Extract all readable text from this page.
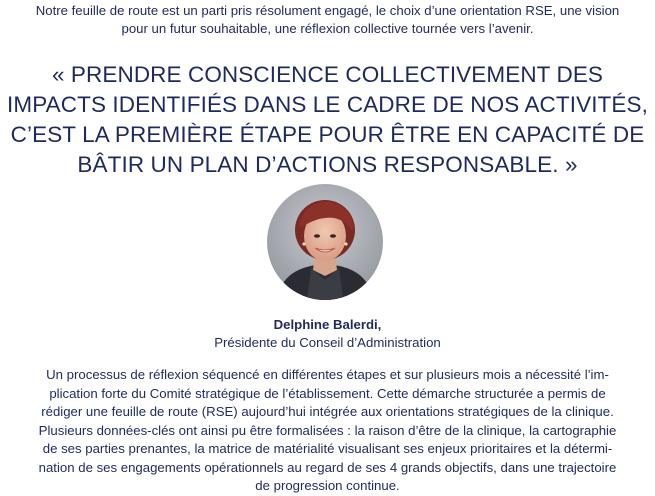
Notre feuille de route est un parti pris résolument engagé, le choix d’une orientation RSE, une vision
pour un futur souhaitable, une réflexion collective tournée vers l’avenir.
« PRENDRE CONSCIENCE COLLECTIVEMENT DES
IMPACTS IDENTIFIÉS DANS LE CADRE DE NOS ACTIVITÉS,
C’EST LA PREMIÈRE ÉTAPE POUR ÊTRE EN CAPACITÉ DE
BÂTIR UN PLAN D’ACTIONS RESPONSABLE. »
Delphine Balerdi,
Présidente du Conseil d’Administration
Un processus de réflexion séquencé en différentes étapes et sur plusieurs mois a nécessité l’im-
plication forte du Comité stratégique de l’établissement. Cette démarche structurée a permis de
rédiger une feuille de route (RSE) aujourd’hui intégrée aux orientations stratégiques de la clinique.
Plusieurs données-clés ont ainsi pu être formalisées : la raison d’être de la clinique, la cartographie
de ses parties prenantes, la matrice de matérialité visualisant ses enjeux prioritaires et la détermi-
nation de ses engagements opérationnels au regard de ses 4 grands objectifs, dans une trajectoire
de progression continue.
